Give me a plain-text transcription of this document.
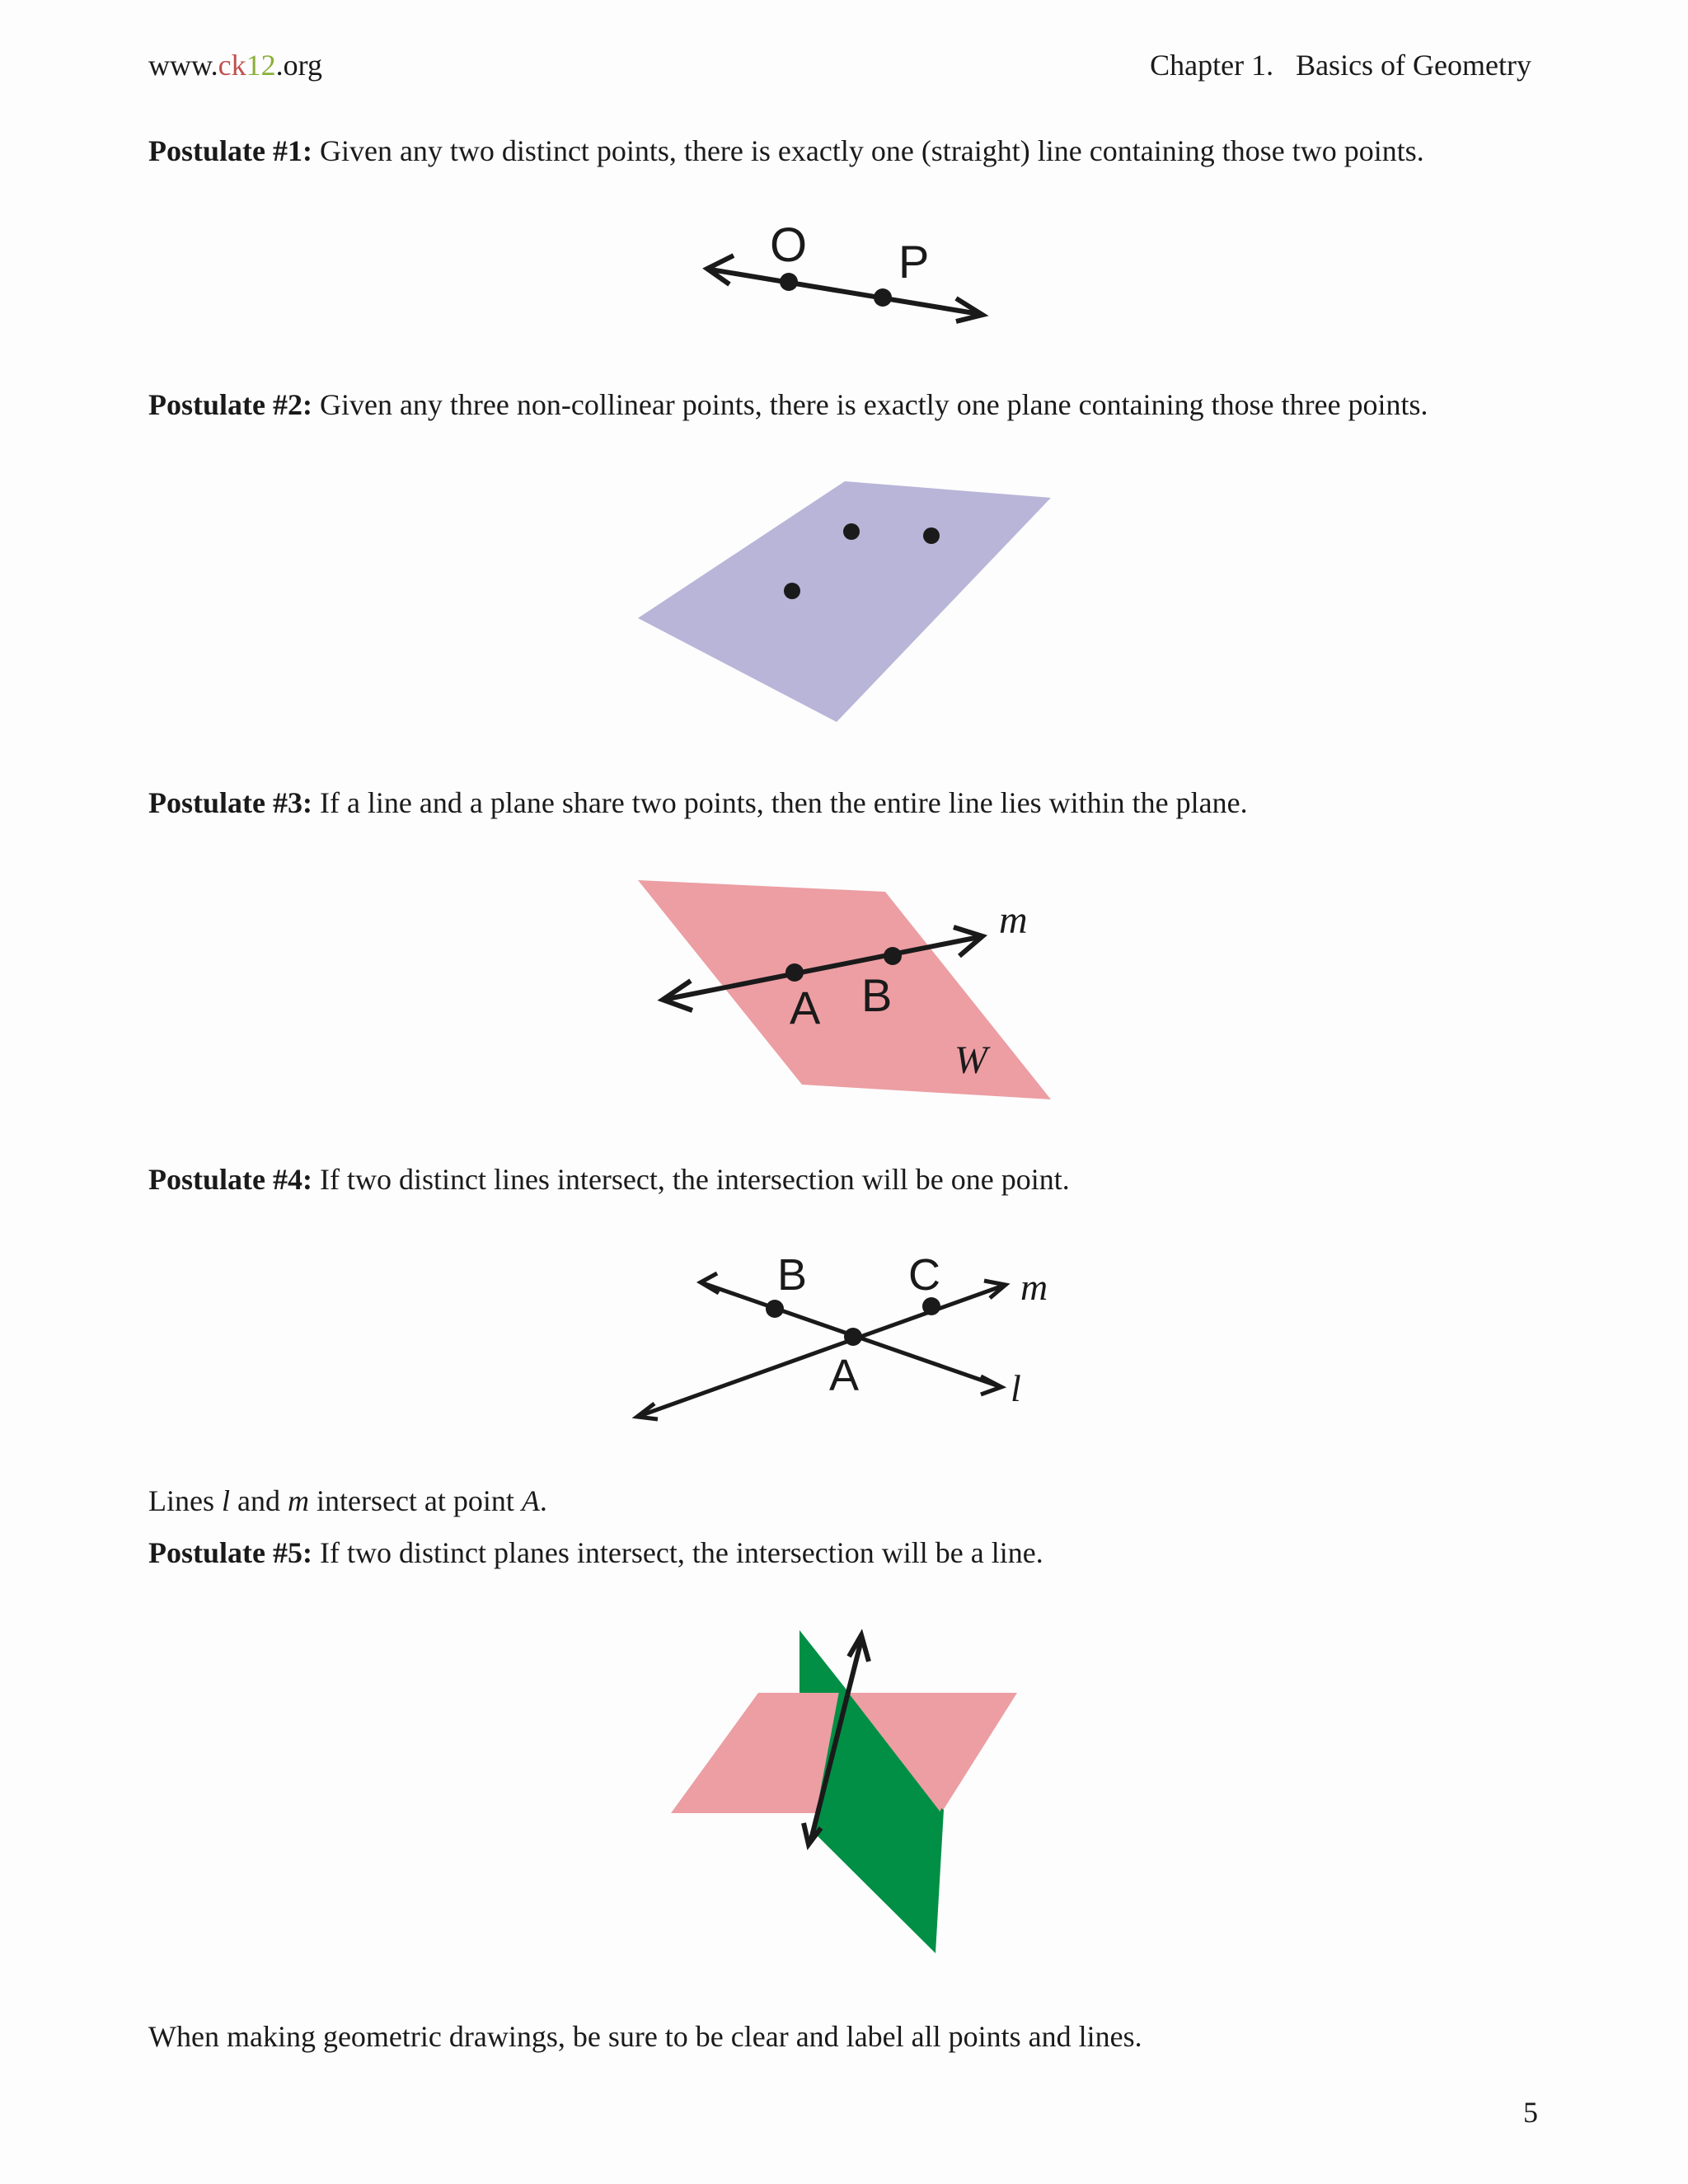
www.ck12.org	Chapter 1.   Basics of Geometry
Postulate #1: Given any two distinct points, there is exactly one (straight) line containing those two points.
O P
Postulate #2: Given any three non-collinear points, there is exactly one plane containing those three points.
Postulate #3: If a line and a plane share two points, then the entire line lies within the plane.
A B
m
W
Postulate #4: If two distinct lines intersect, the intersection will be one point.
B C
A
m
l
Lines l and m intersect at point A.
Postulate #5: If two distinct planes intersect, the intersection will be a line.
When making geometric drawings, be sure to be clear and label all points and lines.
5
